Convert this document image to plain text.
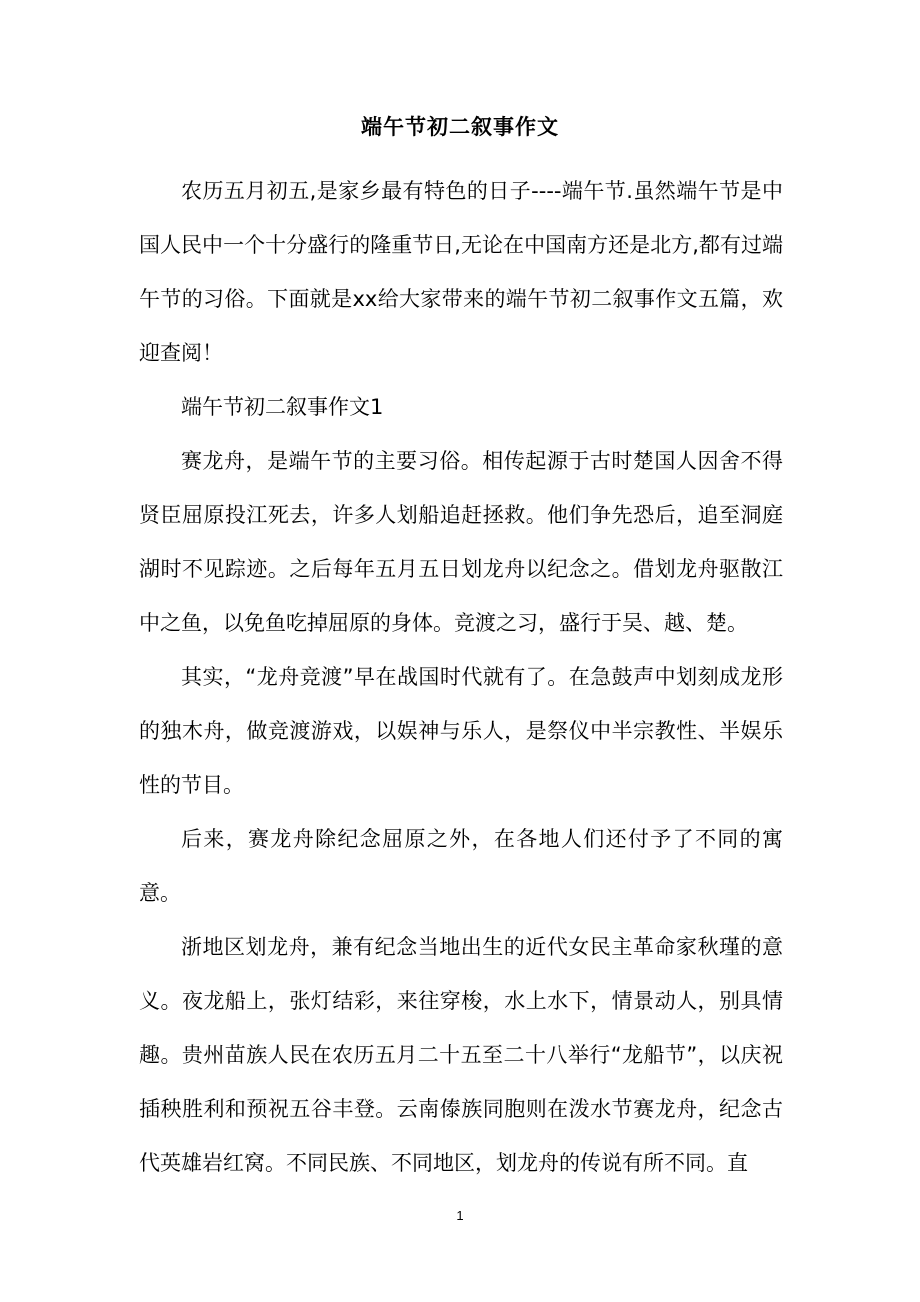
端午节初二叙事作文

农历五月初五,是家乡最有特色的日子----端午节.虽然端午节是中国人民中一个十分盛行的隆重节日,无论在中国南方还是北方,都有过端午节的习俗。下面就是xx给大家带来的端午节初二叙事作文五篇，欢迎查阅！

端午节初二叙事作文1

赛龙舟，是端午节的主要习俗。相传起源于古时楚国人因舍不得贤臣屈原投江死去，许多人划船追赶拯救。他们争先恐后，追至洞庭湖时不见踪迹。之后每年五月五日划龙舟以纪念之。借划龙舟驱散江中之鱼，以免鱼吃掉屈原的身体。竞渡之习，盛行于吴、越、楚。

其实，“龙舟竞渡”早在战国时代就有了。在急鼓声中划刻成龙形的独木舟，做竞渡游戏，以娱神与乐人，是祭仪中半宗教性、半娱乐性的节目。

后来，赛龙舟除纪念屈原之外，在各地人们还付予了不同的寓意。

浙地区划龙舟，兼有纪念当地出生的近代女民主革命家秋瑾的意义。夜龙船上，张灯结彩，来往穿梭，水上水下，情景动人，别具情趣。贵州苗族人民在农历五月二十五至二十八举行“龙船节”，以庆祝插秧胜利和预祝五谷丰登。云南傣族同胞则在泼水节赛龙舟，纪念古代英雄岩红窝。不同民族、不同地区，划龙舟的传说有所不同。直

1
